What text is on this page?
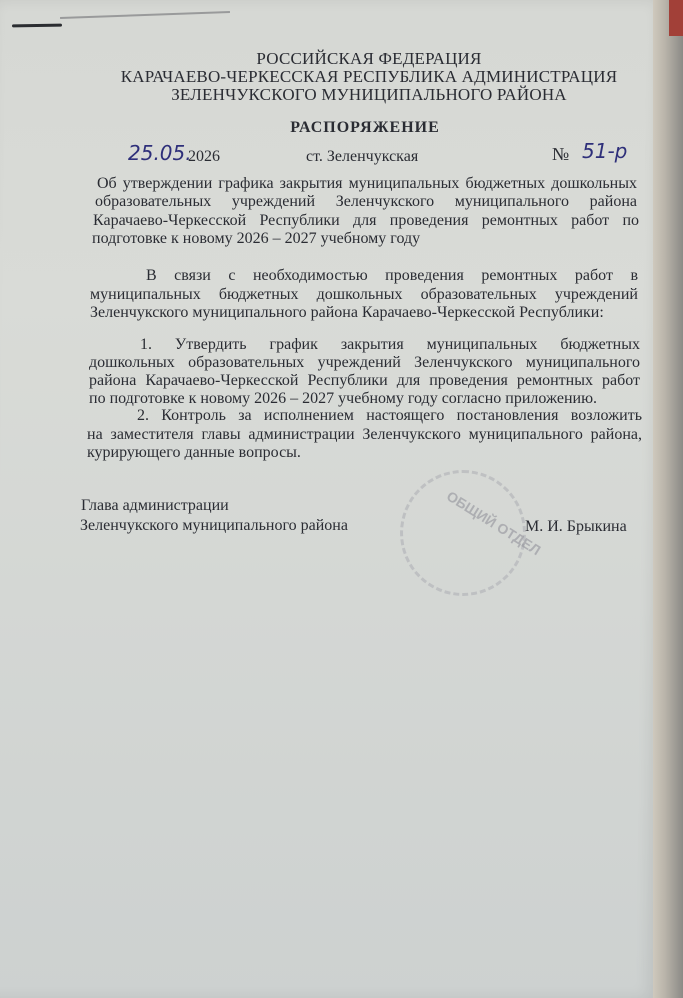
РОССИЙСКАЯ ФЕДЕРАЦИЯ
КАРАЧАЕВО-ЧЕРКЕССКАЯ РЕСПУБЛИКА АДМИНИСТРАЦИЯ
ЗЕЛЕНЧУКСКОГО МУНИЦИПАЛЬНОГО РАЙОНА
РАСПОРЯЖЕНИЕ
25.05.
2026	ст. Зеленчукская	№ 51-р
Об утверждении графика закрытия муниципальных бюджетных дошкольных
образовательных учреждений Зеленчукского муниципального района
Карачаево-Черкесской Республики для проведения ремонтных работ по
подготовке к новому 2026 – 2027 учебному году
В связи с необходимостью проведения ремонтных работ в
муниципальных бюджетных дошкольных образовательных учреждений
Зеленчукского муниципального района Карачаево-Черкесской Республики:
1. Утвердить график закрытия муниципальных бюджетных
дошкольных образовательных учреждений Зеленчукского муниципального
района Карачаево-Черкесской Республики для проведения ремонтных работ
по подготовке к новому 2026 – 2027 учебному году согласно приложению.
2. Контроль за исполнением настоящего постановления возложить
на заместителя главы администрации Зеленчукского муниципального района,
курирующего данные вопросы.
ОБЩИЙ ОТДЕЛ
Глава администрации
Зеленчукского муниципального района	М. И. Брыкина
